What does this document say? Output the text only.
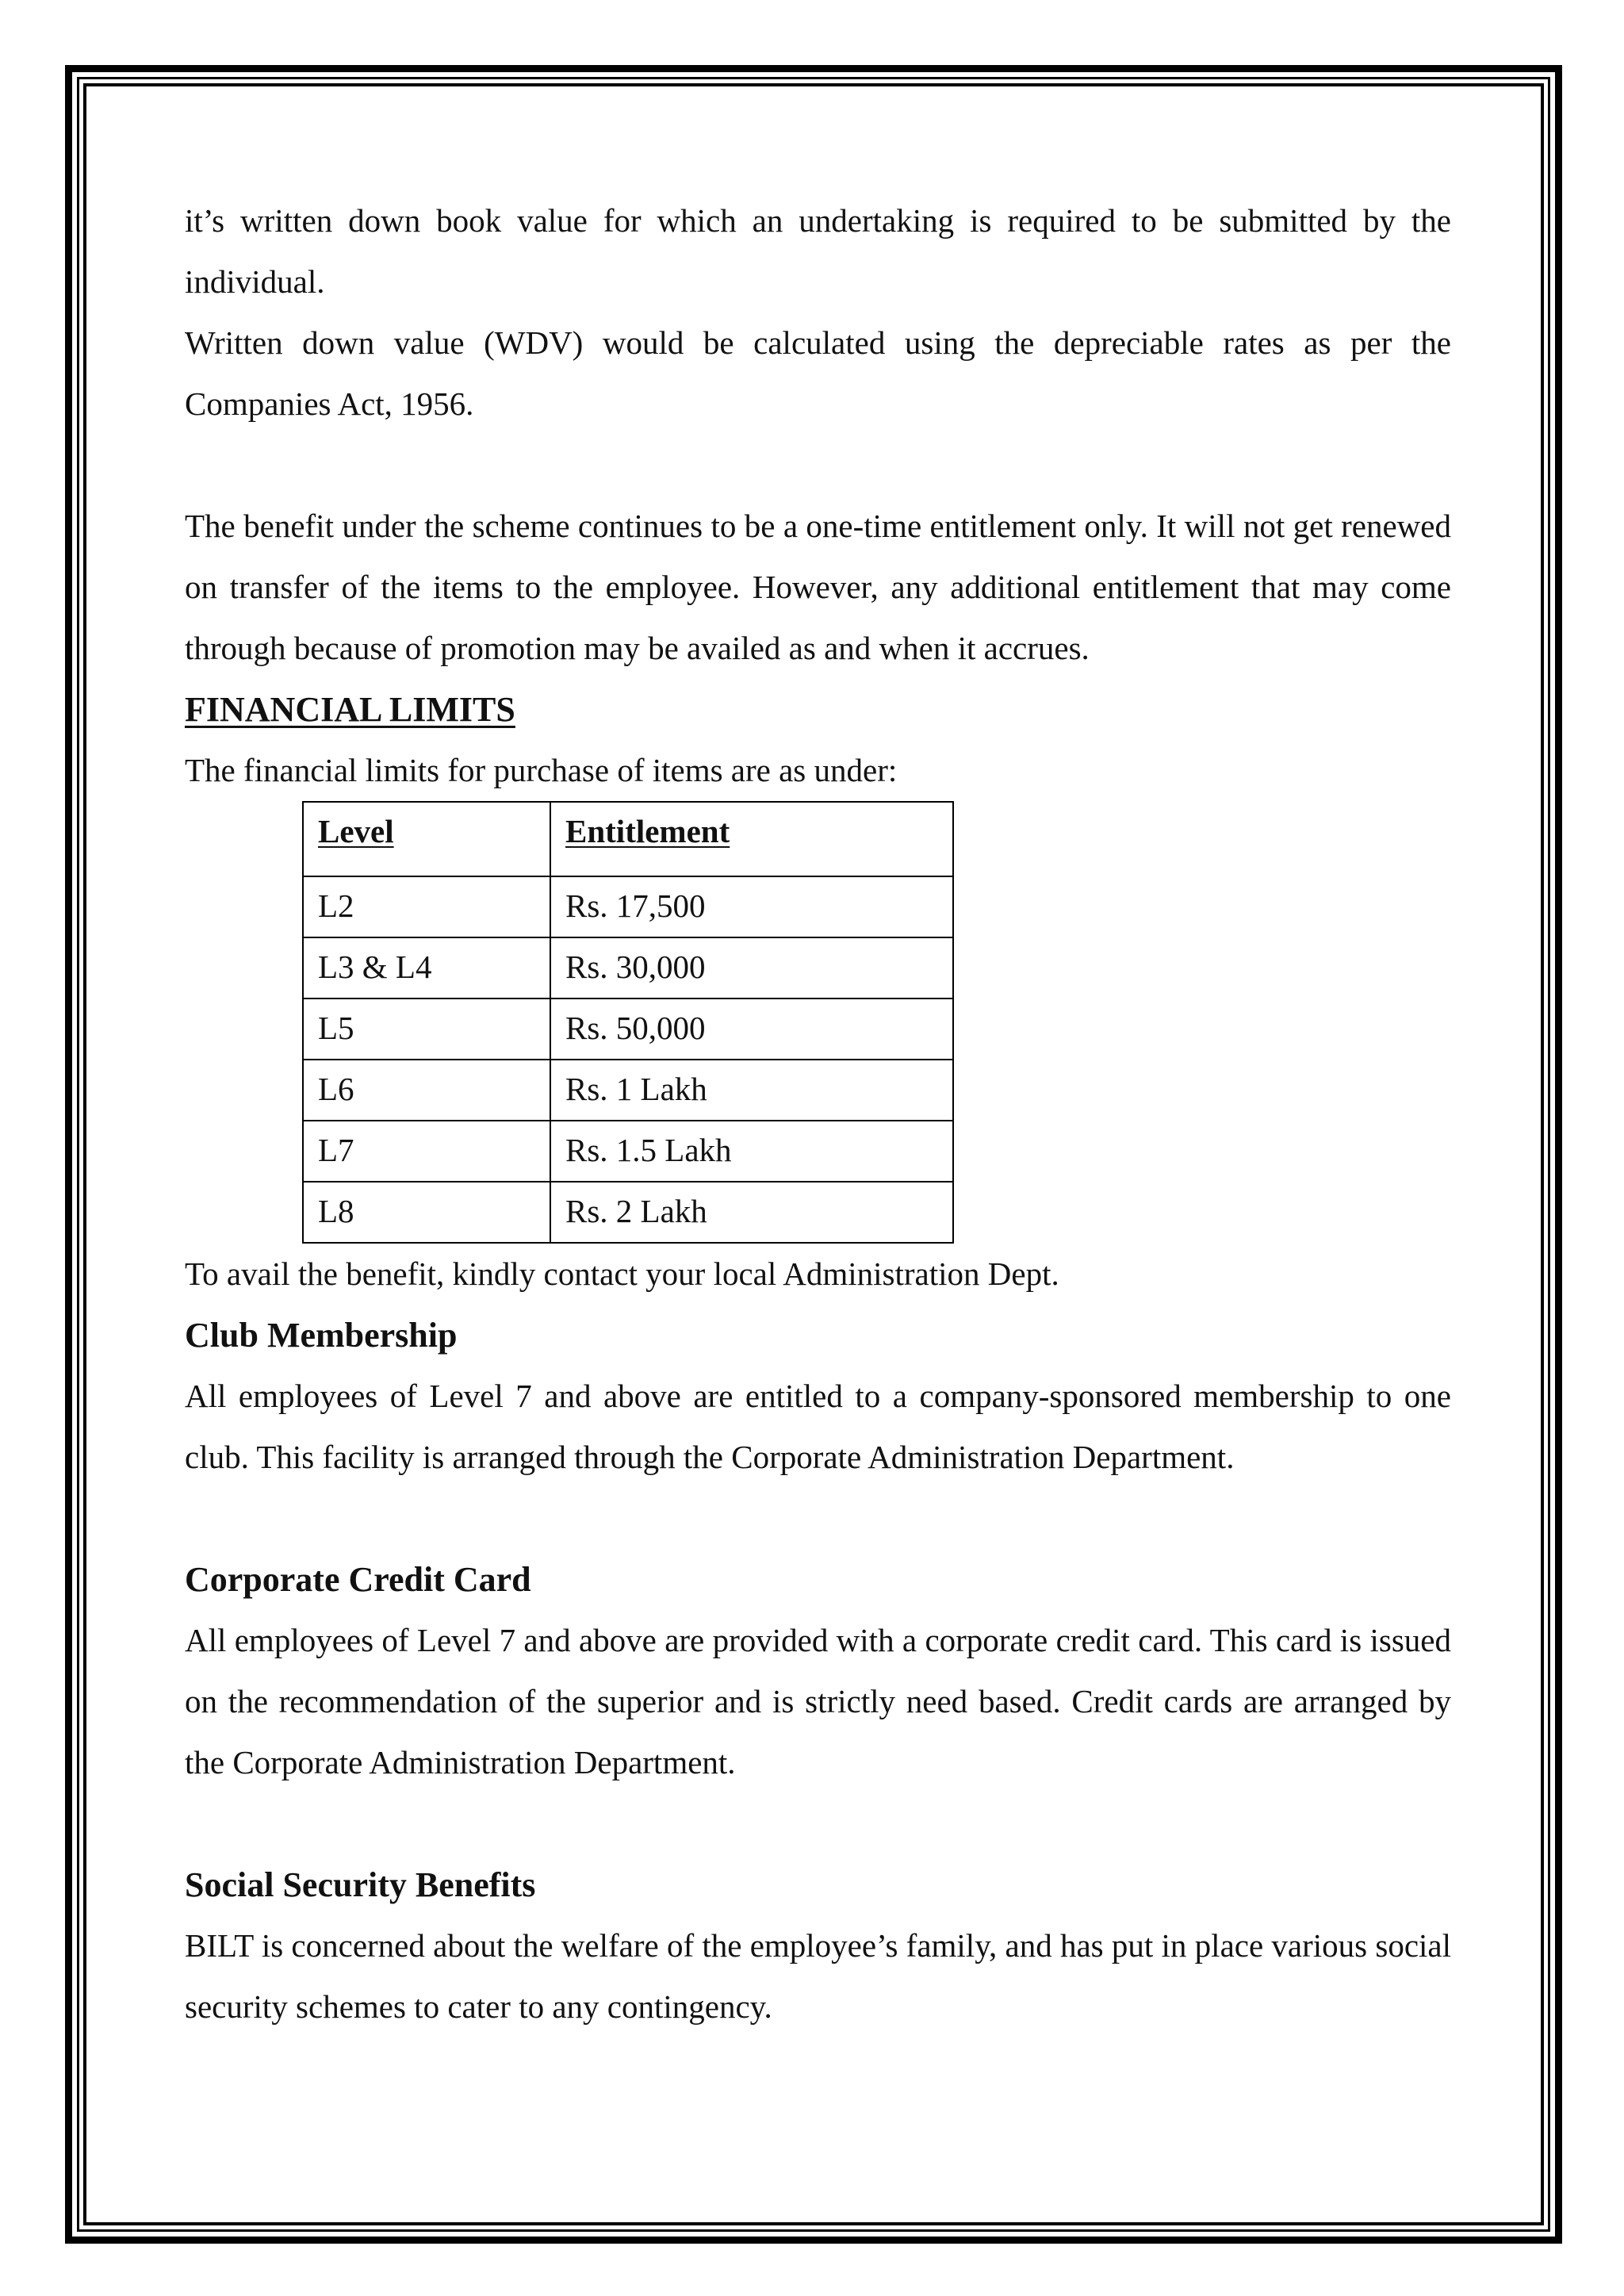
it’s written down book value for which an undertaking is required to be submitted by the individual.

Written down value (WDV) would be calculated using the depreciable rates as per the Companies Act, 1956.

The benefit under the scheme continues to be a one-time entitlement only. It will not get renewed on transfer of the items to the employee. However, any additional entitlement that may come through because of promotion may be availed as and when it accrues.

FINANCIAL LIMITS

The financial limits for purchase of items are as under:

Level	Entitlement
L2	Rs. 17,500
L3 & L4	Rs. 30,000
L5	Rs. 50,000
L6	Rs. 1 Lakh
L7	Rs. 1.5 Lakh
L8	Rs. 2 Lakh

To avail the benefit, kindly contact your local Administration Dept.

Club Membership

All employees of Level 7 and above are entitled to a company-sponsored membership to one club. This facility is arranged through the Corporate Administration Department.

Corporate Credit Card

All employees of Level 7 and above are provided with a corporate credit card. This card is issued on the recommendation of the superior and is strictly need based. Credit cards are arranged by the Corporate Administration Department.

Social Security Benefits

BILT is concerned about the welfare of the employee’s family, and has put in place various social security schemes to cater to any contingency.
